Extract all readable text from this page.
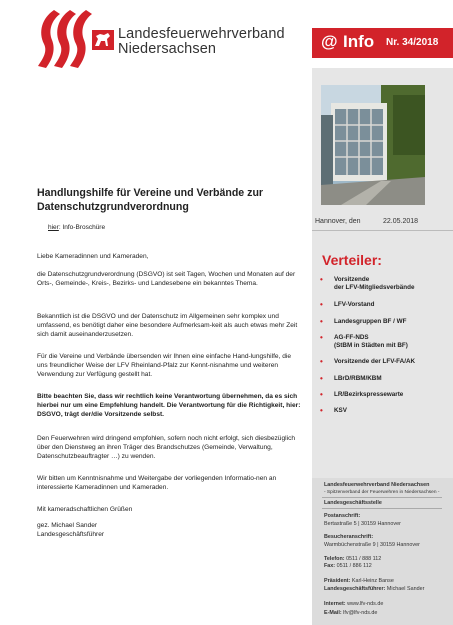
Landesfeuerwehrverband
Niedersachsen	@ Info Nr. 34/2018
Hannover, den	22.05.2018
Verteiler:
• Vorsitzende
der LFV-Mitgliedsverbände
• LFV-Vorstand
• Landesgruppen BF / WF
• AG-FF-NDS
(StBM in Städten mit BF)
• Vorsitzende der LFV-FA/AK
• LBrD/RBM/KBM
• LR/Bezirkspressewarte
• KSV
Landesfeuerwehrverband Niedersachsen
- Spitzenverband der Feuerwehren in Niedersachsen -
Landesgeschäftsstelle
Postanschrift:
Bertastraße 5 | 30159 Hannover
Besucheranschrift:
Warmbüchenstraße 9 | 30159 Hannover
Telefon: 0511 / 888 112
Fax: 0511 / 886 112
Präsident: Karl-Heinz Banse
Landesgeschäftsführer: Michael Sander
Internet: www.lfv-nds.de
E-Mail: lfv@lfv-nds.de
Handlungshilfe für Vereine und Verbände zur
Datenschutzgrundverordnung
hier: Info-Broschüre
Liebe Kameradinnen und Kameraden,
die Datenschutzgrundverordnung (DSGVO) ist seit Tagen, Wochen und Monaten auf der Orts-, Gemeinde-, Kreis-, Bezirks- und Landesebene ein bekanntes Thema.
Bekanntlich ist die DSGVO und der Datenschutz im Allgemeinen sehr komplex und umfassend, es benötigt daher eine besondere Aufmerksam-keit als auch etwas mehr Zeit sich damit auseinanderzusetzen.
Für die Vereine und Verbände übersenden wir Ihnen eine einfache Hand-lungshilfe, die uns freundlicher Weise der LFV Rheinland-Pfalz zur Kennt-nisnahme und weiteren Verwendung zur Verfügung gestellt hat.
Bitte beachten Sie, dass wir rechtlich keine Verantwortung übernehmen, da es sich hierbei nur um eine Empfehlung handelt. Die Verantwortung für die Richtigkeit, hier: DSGVO, trägt der/die Vorsitzende selbst.
Den Feuerwehren wird dringend empfohlen, sofern noch nicht erfolgt, sich diesbezüglich über den Dienstweg an ihren Träger des Brandschutzes (Gemeinde, Verwaltung, Datenschutzbeauftragter …) zu wenden.
Wir bitten um Kenntnisnahme und Weitergabe der vorliegenden Informatio-nen an interessierte Kameradinnen und Kameraden.
Mit kameradschaftlichen Grüßen
gez. Michael Sander
Landesgeschäftsführer
